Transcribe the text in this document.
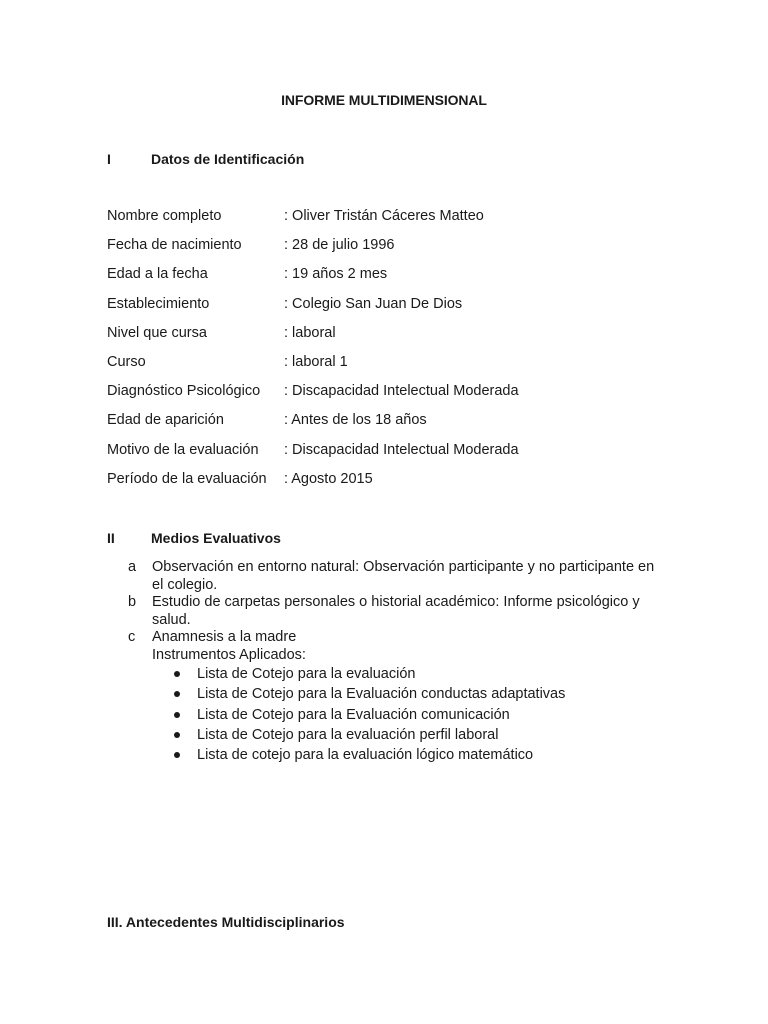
INFORME MULTIDIMENSIONAL
I	Datos de Identificación
Nombre completo	: Oliver Tristán Cáceres Matteo
Fecha de nacimiento	: 28 de julio 1996
Edad a la fecha	: 19 años 2 mes
Establecimiento	: Colegio San Juan De Dios
Nivel que cursa	: laboral
Curso	: laboral 1
Diagnóstico Psicológico : Discapacidad Intelectual Moderada
Edad de aparición	: Antes de los 18 años
Motivo de la evaluación : Discapacidad Intelectual Moderada
Período de la evaluación : Agosto 2015
II	Medios Evaluativos
a Observación en entorno natural: Observación participante y no participante en el colegio.
b Estudio de carpetas personales o historial académico: Informe psicológico y salud.
c Anamnesis a la madre
Instrumentos Aplicados:
Lista de Cotejo para la evaluación
Lista de Cotejo para la Evaluación conductas adaptativas
Lista de Cotejo para la Evaluación comunicación
Lista de Cotejo para la evaluación perfil laboral
Lista de cotejo para la evaluación lógico matemático
III. Antecedentes Multidisciplinarios
